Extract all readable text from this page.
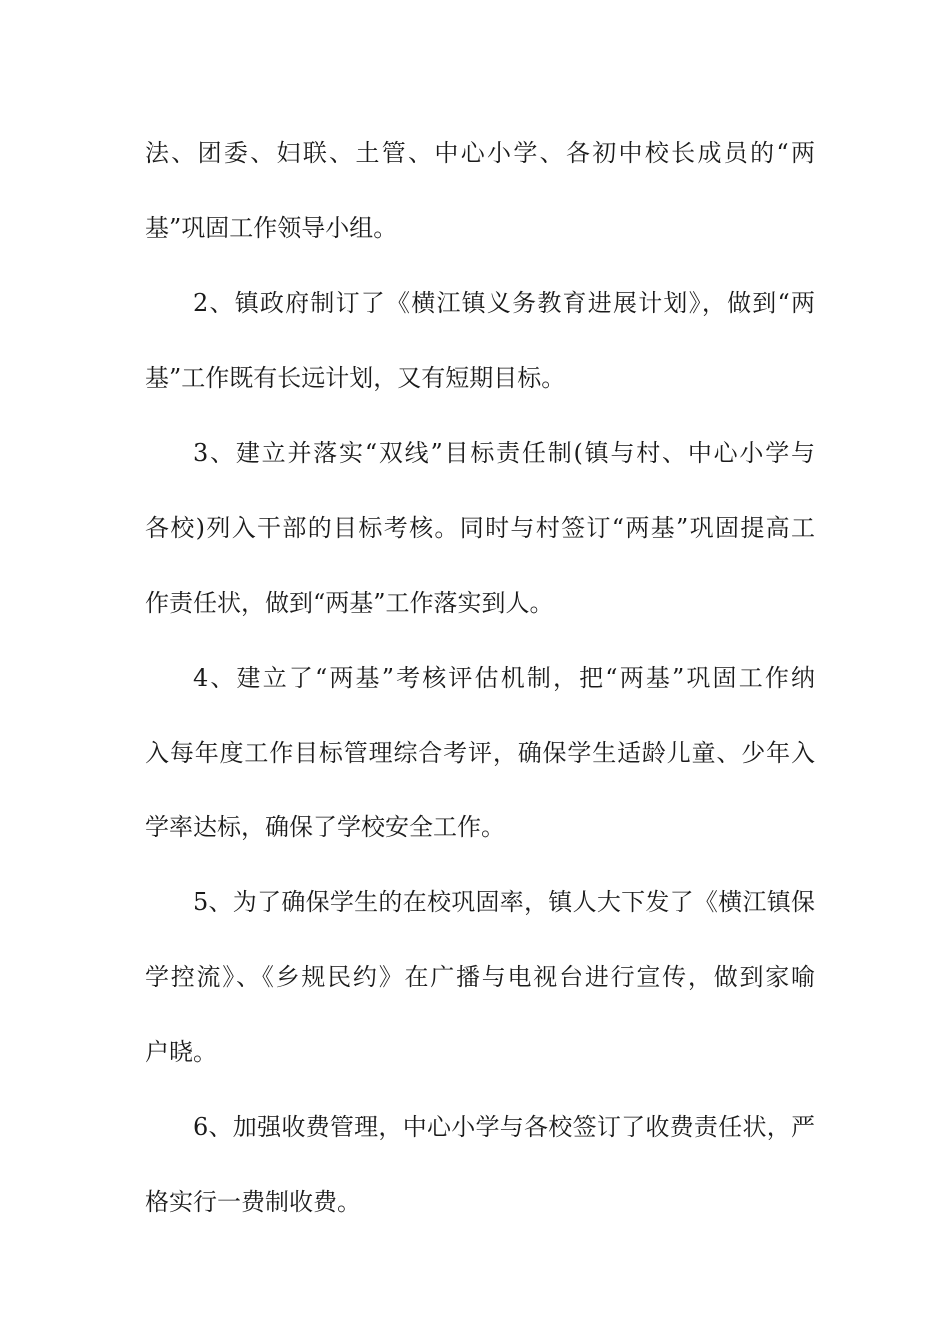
法、团委、妇联、土管、中心小学、各初中校长成员的“两
基”巩固工作领导小组。
2、镇政府制订了《横江镇义务教育进展计划》，做到“两
基”工作既有长远计划，又有短期目标。
3、建立并落实“双线”目标责任制(镇与村、中心小学与
各校)列入干部的目标考核。同时与村签订“两基”巩固提高工
作责任状，做到“两基”工作落实到人。
4、建立了“两基”考核评估机制，把“两基”巩固工作纳
入每年度工作目标管理综合考评，确保学生适龄儿童、少年入
学率达标，确保了学校安全工作。
5、为了确保学生的在校巩固率，镇人大下发了《横江镇保
学控流》、《乡规民约》在广播与电视台进行宣传，做到家喻
户晓。
6、加强收费管理，中心小学与各校签订了收费责任状，严
格实行一费制收费。
